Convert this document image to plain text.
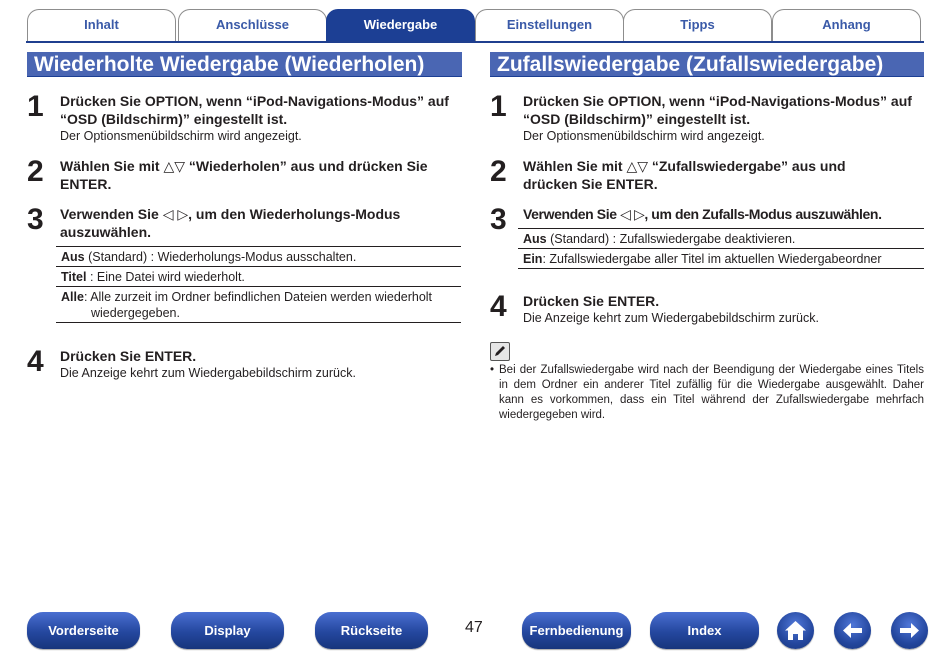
Inhalt	Anschlüsse	Wiedergabe	Einstellungen	Tipps	Anhang
Wiederholte Wiedergabe (Wiederholen)
1 Drücken Sie OPTION, wenn “iPod-Navigations-Modus” auf “OSD (Bildschirm)” eingestellt ist.
Der Optionsmenübildschirm wird angezeigt.
2 Wählen Sie mit △▽ “Wiederholen” aus und drücken Sie ENTER.
3 Verwenden Sie ◁ ▷, um den Wiederholungs-Modus auszuwählen.
Aus (Standard) : Wiederholungs-Modus ausschalten.
Titel : Eine Datei wird wiederholt.
Alle: Alle zurzeit im Ordner befindlichen Dateien werden wiederholt
wiedergegeben.
4 Drücken Sie ENTER.
Die Anzeige kehrt zum Wiedergabebildschirm zurück.
Zufallswiedergabe (Zufallswiedergabe)
1 Drücken Sie OPTION, wenn “iPod-Navigations-Modus” auf “OSD (Bildschirm)” eingestellt ist.
Der Optionsmenübildschirm wird angezeigt.
2 Wählen Sie mit △▽ “Zufallswiedergabe” aus und drücken Sie ENTER.
3 Verwenden Sie ◁ ▷, um den Zufalls-Modus auszuwählen.
Aus (Standard) : Zufallswiedergabe deaktivieren.
Ein: Zufallswiedergabe aller Titel im aktuellen Wiedergabeordner
4 Drücken Sie ENTER.
Die Anzeige kehrt zum Wiedergabebildschirm zurück.
• Bei der Zufallswiedergabe wird nach der Beendigung der Wiedergabe eines Titels in dem Ordner ein anderer Titel zufällig für die Wiedergabe ausgewählt. Daher kann es vorkommen, dass ein Titel während der Zufallswiedergabe mehrfach wiedergegeben wird.
Vorderseite	Display	Rückseite	47	Fernbedienung	Index
